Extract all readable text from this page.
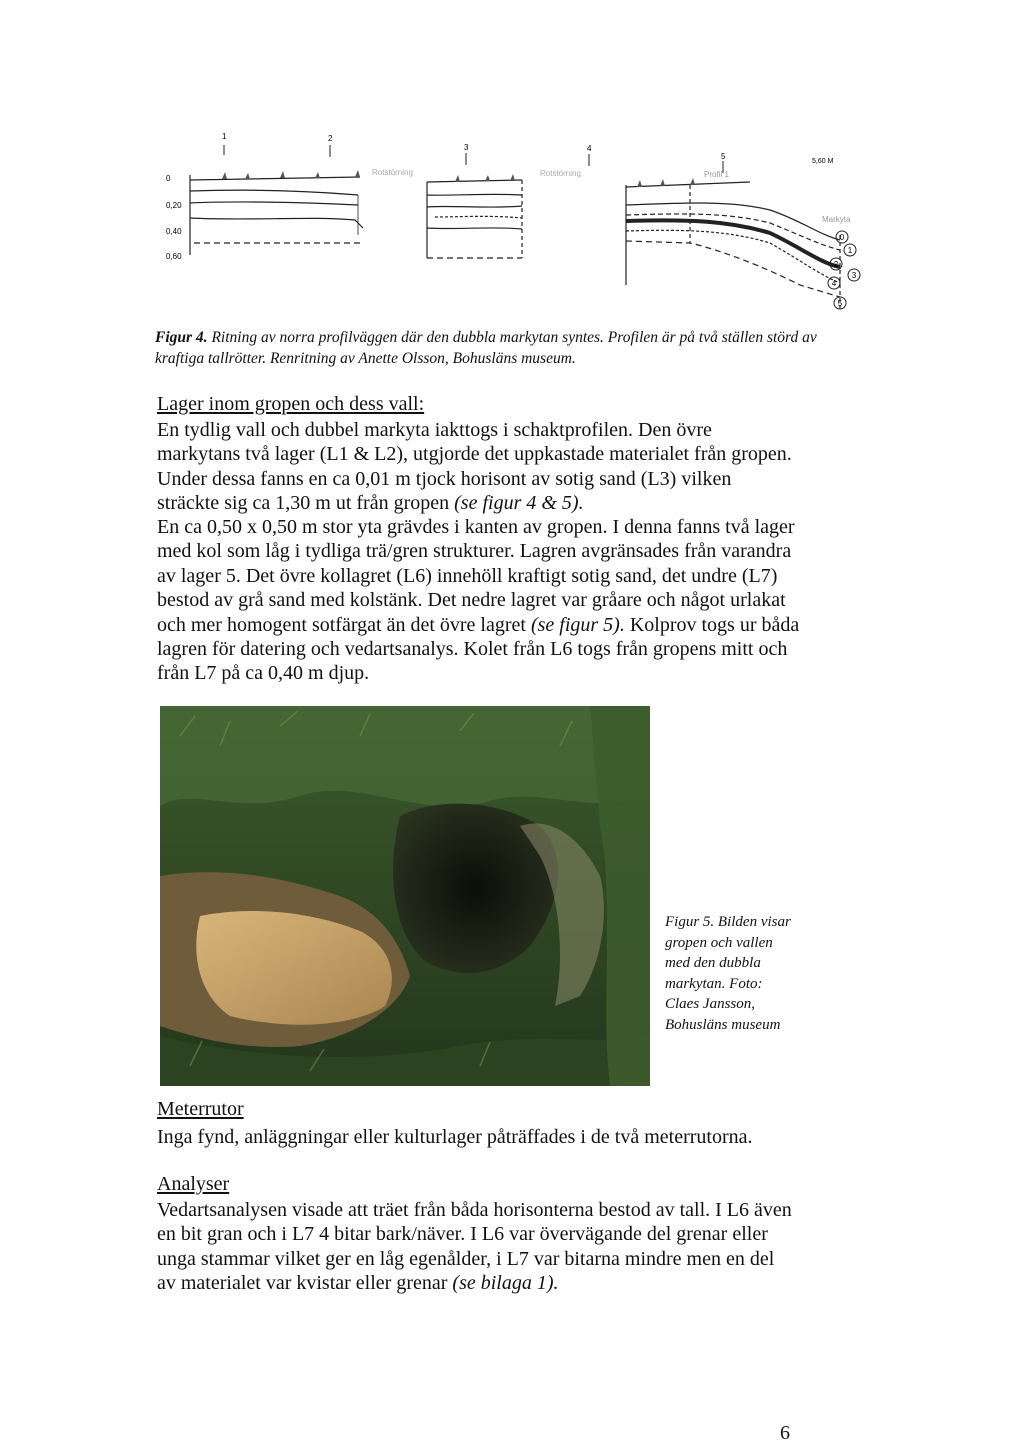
0
0,20
0,40
0,60
1	2
3	4
5
5,60 M
Rotstörning	Rotstörning	Profil 1
Markyta
0
1
2
3
4
5
Figur 4. Ritning av norra profilväggen där den dubbla markytan syntes. Profilen är på två ställen störd av kraftiga tallrötter. Renritning av Anette Olsson, Bohusläns museum.
Lager inom gropen och dess vall:

En tydlig vall och dubbel markyta iakttogs i schaktprofilen. Den övre markytans två lager (L1 & L2), utgjorde det uppkastade materialet från gropen. Under dessa fanns en ca 0,01 m tjock horisont av sotig sand (L3) vilken sträckte sig ca 1,30 m ut från gropen (se figur 4 & 5).

En ca 0,50 x 0,50 m stor yta grävdes i kanten av gropen. I denna fanns två lager med kol som låg i tydliga trä/gren strukturer. Lagren avgränsades från varandra av lager 5. Det övre kollagret (L6) innehöll kraftigt sotig sand, det undre (L7) bestod av grå sand med kolstänk. Det nedre lagret var gråare och något urlakat och mer homogent sotfärgat än det övre lagret (se figur 5). Kolprov togs ur båda lagren för datering och vedartsanalys. Kolet från L6 togs från gropens mitt och från L7 på ca 0,40 m djup.

Figur 5. Bilden visar gropen och vallen med den dubbla markytan. Foto: Claes Jansson, Bohusläns museum
Meterrutor

Inga fynd, anläggningar eller kulturlager påträffades i de två meterrutorna.

Analyser

Vedartsanalysen visade att träet från båda horisonterna bestod av tall. I L6 även en bit gran och i L7 4 bitar bark/näver. I L6 var övervägande del grenar eller unga stammar vilket ger en låg egenålder, i L7 var bitarna mindre men en del av materialet var kvistar eller grenar (se bilaga 1).

6
